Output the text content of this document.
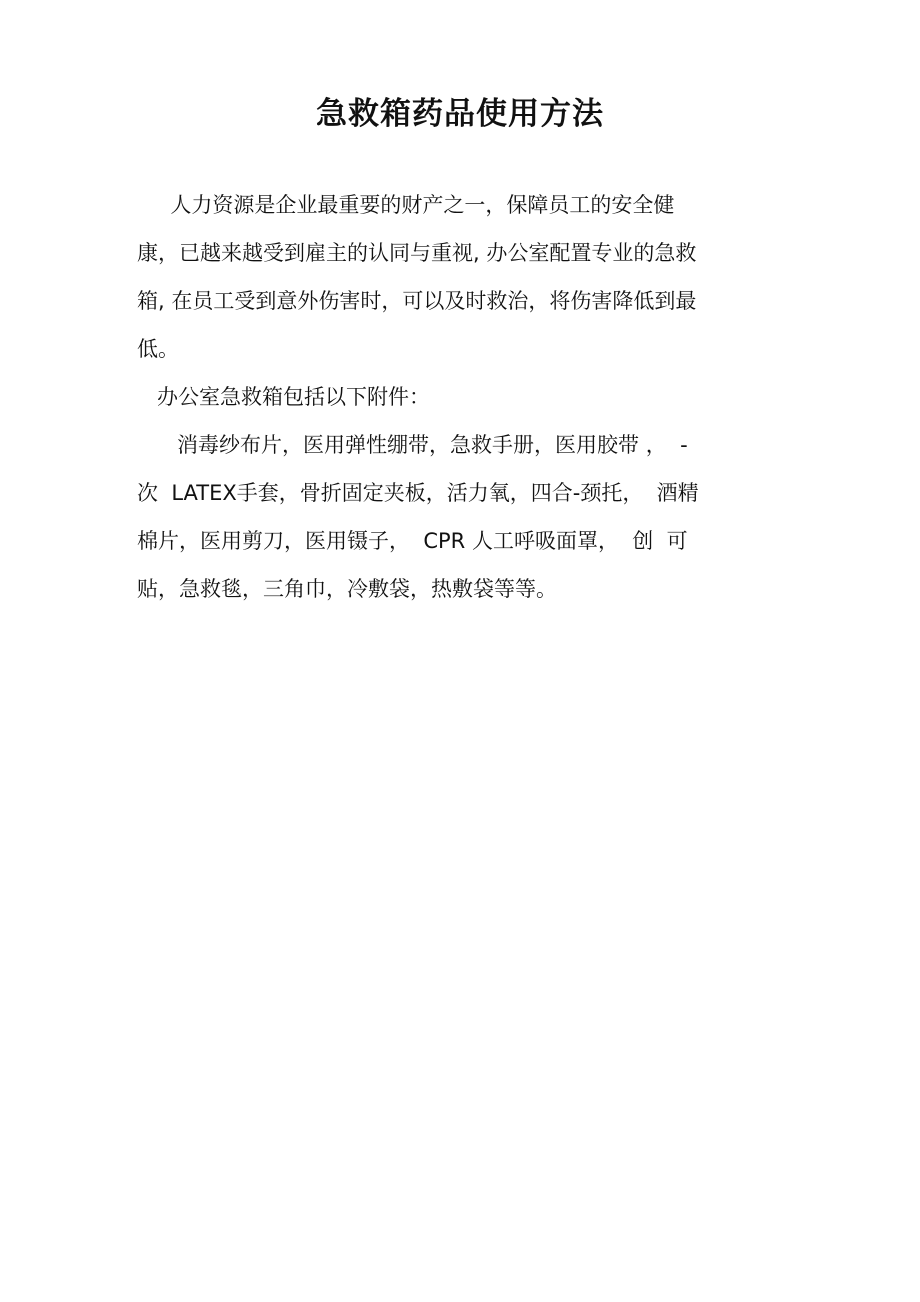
急救箱药品使用方法

人力资源是企业最重要的财产之一，保障员工的安全健

康，已越来越受到雇主的认同与重视, 办公室配置专业的急救

箱, 在员工受到意外伤害时，可以及时救治，将伤害降低到最

低。

办公室急救箱包括以下附件：

消毒纱布片，医用弹性绷带，急救手册，医用胶带 ，  -

次  LATEX手套，骨折固定夹板，活力氧，四合-颈托，  酒精

棉片，医用剪刀，医用镊子，  CPR 人工呼吸面罩，  创  可

贴，急救毯，三角巾，冷敷袋，热敷袋等等。
